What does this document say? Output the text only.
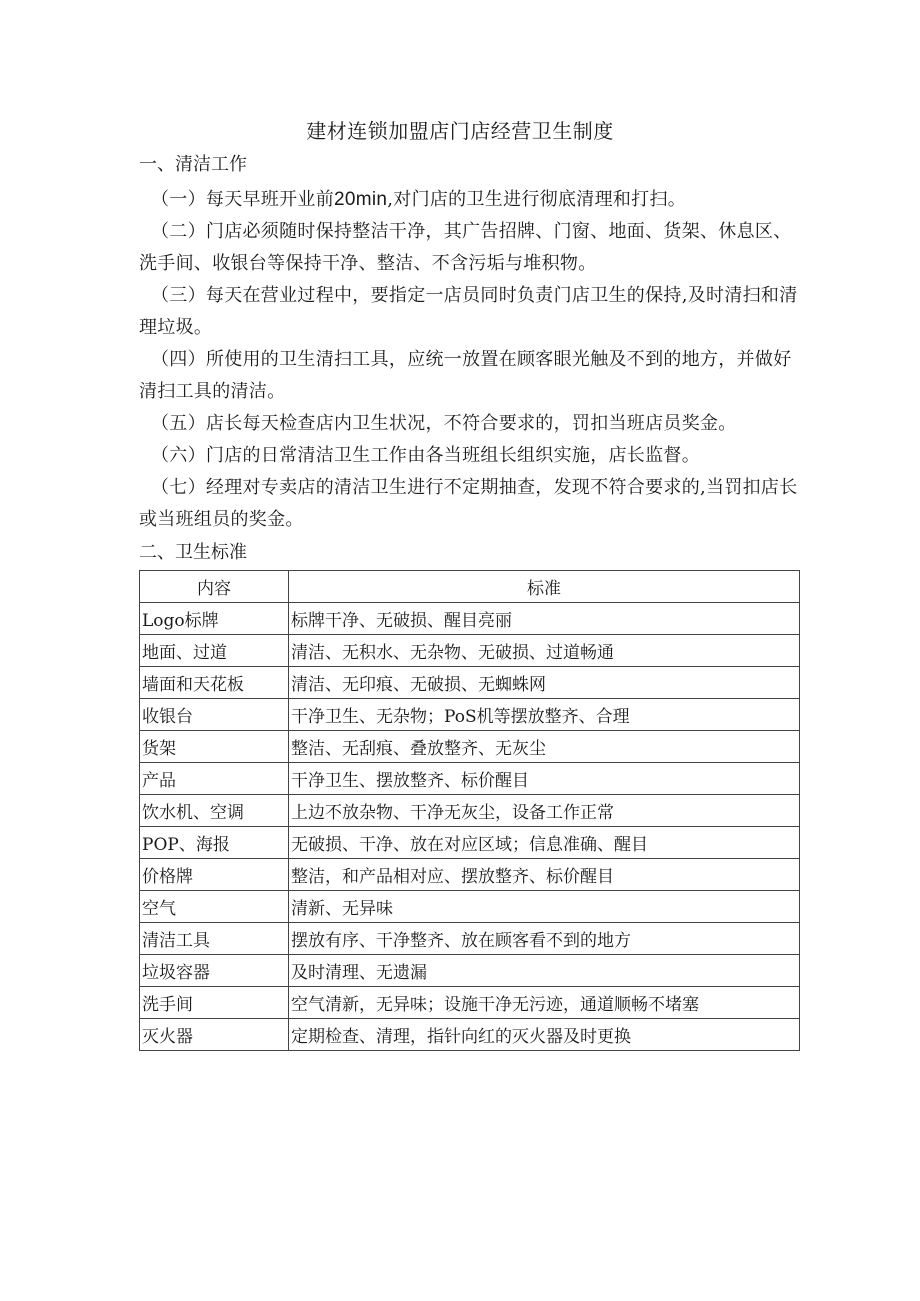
建材连锁加盟店门店经营卫生制度
一、清洁工作

（一）每天早班开业前20min,对门店的卫生进行彻底清理和打扫。

（二）门店必须随时保持整洁干净，其广告招牌、门窗、地面、货架、休息区、洗手间、收银台等保持干净、整洁、不含污垢与堆积物。

（三）每天在营业过程中，要指定一店员同时负责门店卫生的保持,及时清扫和清理垃圾。

（四）所使用的卫生清扫工具，应统一放置在顾客眼光触及不到的地方，并做好清扫工具的清洁。

（五）店长每天检查店内卫生状况，不符合要求的，罚扣当班店员奖金。

（六）门店的日常清洁卫生工作由各当班组长组织实施，店长监督。

（七）经理对专卖店的清洁卫生进行不定期抽查，发现不符合要求的,当罚扣店长或当班组员的奖金。

二、卫生标准
内容	标准
Logo标牌	标牌干净、无破损、醒目亮丽
地面、过道	清洁、无积水、无杂物、无破损、过道畅通
墙面和天花板	清洁、无印痕、无破损、无蜘蛛网
收银台	干净卫生、无杂物；PoS机等摆放整齐、合理
货架	整洁、无刮痕、叠放整齐、无灰尘
产品	干净卫生、摆放整齐、标价醒目
饮水机、空调	上边不放杂物、干净无灰尘，设备工作正常
POP、海报	无破损、干净、放在对应区域；信息准确、醒目
价格牌	整洁，和产品相对应、摆放整齐、标价醒目
空气	清新、无异味
清洁工具	摆放有序、干净整齐、放在顾客看不到的地方
垃圾容器	及时清理、无遗漏
洗手间	空气清新，无异味；设施干净无污迹，通道顺畅不堵塞
灭火器	定期检查、清理，指针向红的灭火器及时更换
